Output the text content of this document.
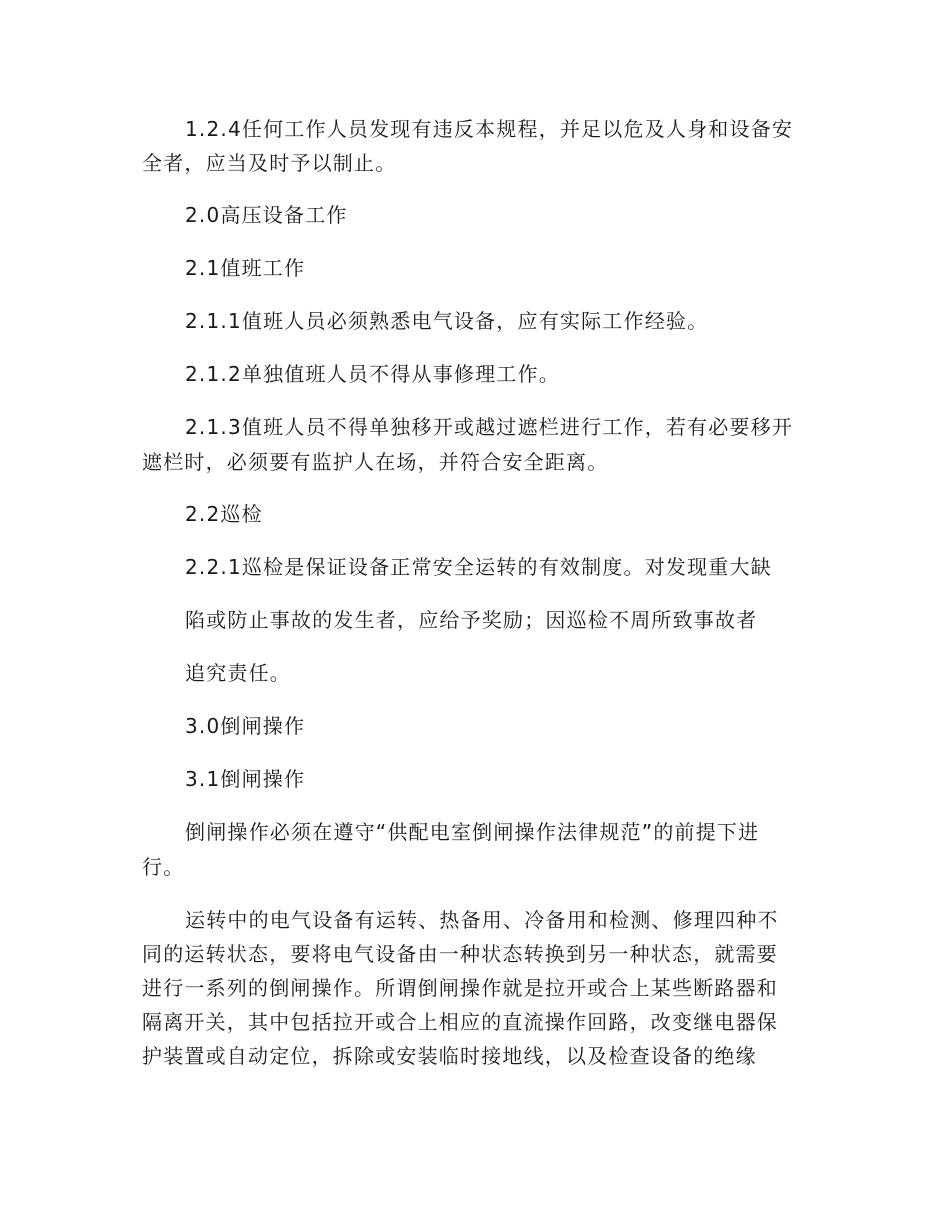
1.2.4任何工作人员发现有违反本规程，并足以危及人身和设备安

全者，应当及时予以制止。

2.0高压设备工作

2.1值班工作

2.1.1值班人员必须熟悉电气设备，应有实际工作经验。

2.1.2单独值班人员不得从事修理工作。

2.1.3值班人员不得单独移开或越过遮栏进行工作，若有必要移开

遮栏时，必须要有监护人在场，并符合安全距离。

2.2巡检

2.2.1巡检是保证设备正常安全运转的有效制度。对发现重大缺

陷或防止事故的发生者，应给予奖励；因巡检不周所致事故者

追究责任。

3.0倒闸操作

3.1倒闸操作

倒闸操作必须在遵守“供配电室倒闸操作法律规范”的前提下进

行。

运转中的电气设备有运转、热备用、冷备用和检测、修理四种不

同的运转状态，要将电气设备由一种状态转换到另一种状态，就需要

进行一系列的倒闸操作。所谓倒闸操作就是拉开或合上某些断路器和

隔离开关，其中包括拉开或合上相应的直流操作回路，改变继电器保

护装置或自动定位，拆除或安装临时接地线，以及检查设备的绝缘
